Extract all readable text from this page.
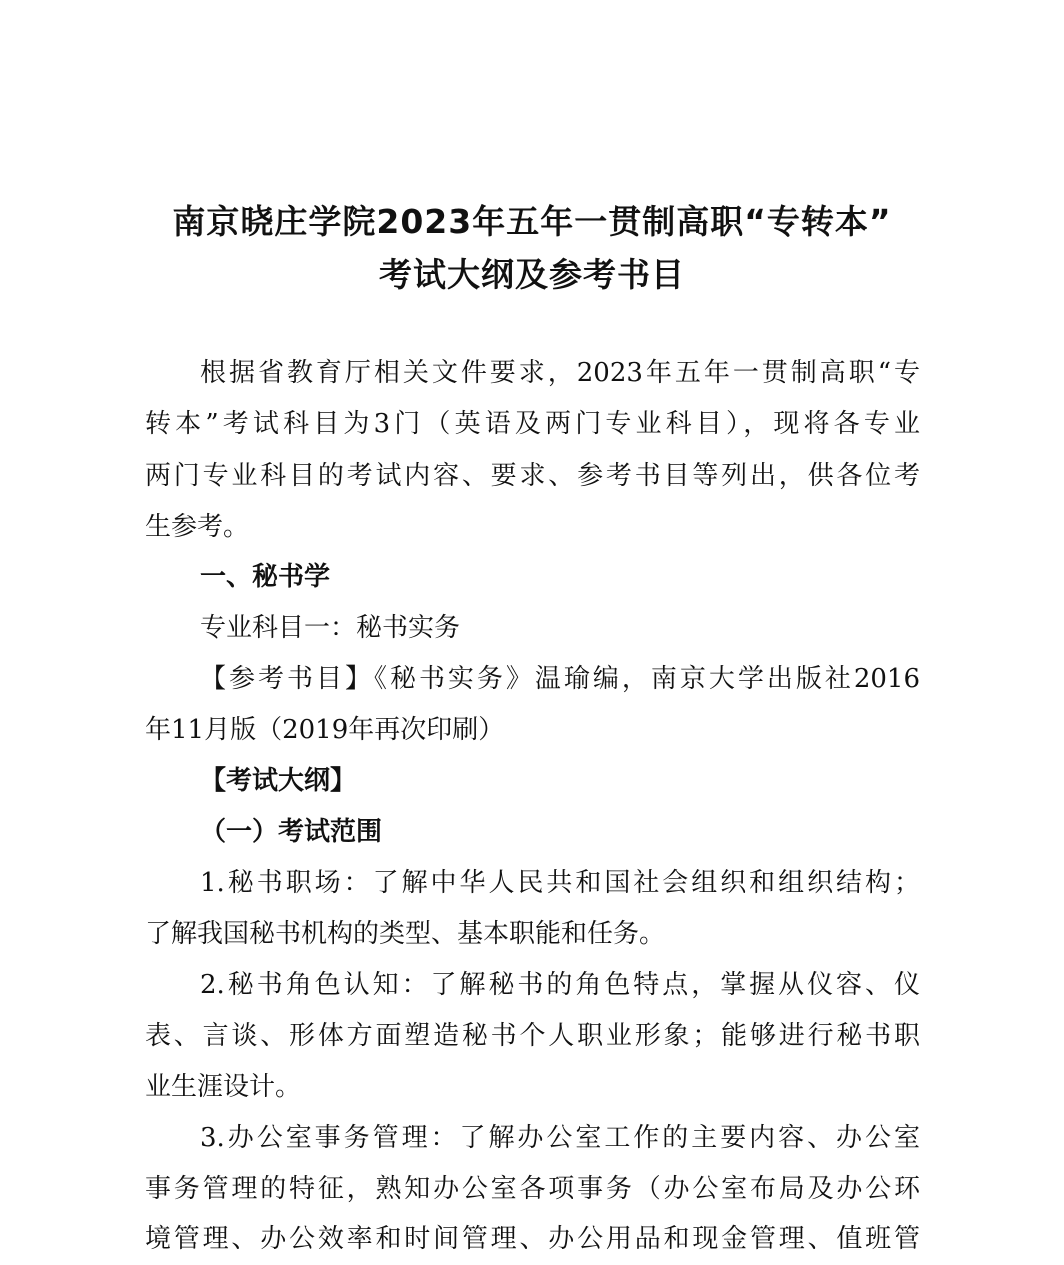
南京晓庄学院2023年五年一贯制高职“专转本”
考试大纲及参考书目
根据省教育厅相关文件要求，2023年五年一贯制高职“专
转本”考试科目为3门（英语及两门专业科目），现将各专业
两门专业科目的考试内容、要求、参考书目等列出，供各位考
生参考。
一、秘书学
专业科目一：秘书实务
【参考书目】《秘书实务》温瑜编，南京大学出版社2016
年11月版（2019年再次印刷）
【考试大纲】
（一）考试范围
1.秘书职场：了解中华人民共和国社会组织和组织结构；
了解我国秘书机构的类型、基本职能和任务。
2.秘书角色认知：了解秘书的角色特点，掌握从仪容、仪
表、言谈、形体方面塑造秘书个人职业形象；能够进行秘书职
业生涯设计。
3.办公室事务管理：了解办公室工作的主要内容、办公室
事务管理的特征，熟知办公室各项事务（办公室布局及办公环
境管理、办公效率和时间管理、办公用品和现金管理、值班管
